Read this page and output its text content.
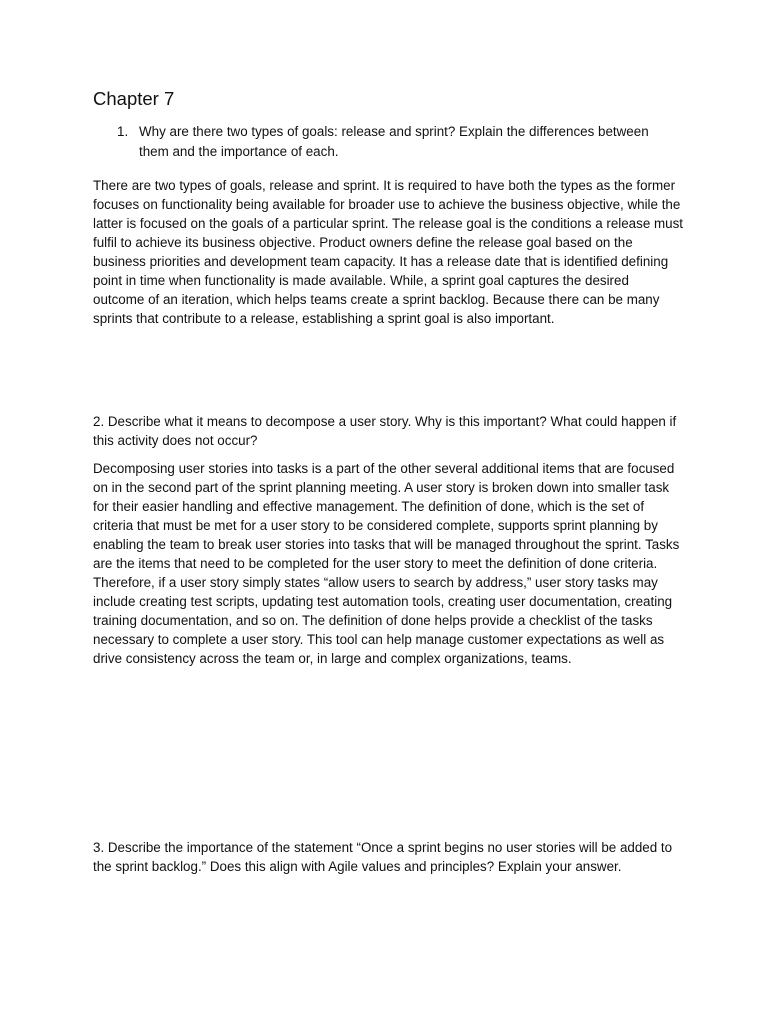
Chapter 7
1. Why are there two types of goals: release and sprint? Explain the differences between them and the importance of each.

There are two types of goals, release and sprint. It is required to have both the types as the former focuses on functionality being available for broader use to achieve the business objective, while the latter is focused on the goals of a particular sprint. The release goal is the conditions a release must fulfil to achieve its business objective. Product owners define the release goal based on the business priorities and development team capacity. It has a release date that is identified defining point in time when functionality is made available. While, a sprint goal captures the desired outcome of an iteration, which helps teams create a sprint backlog. Because there can be many sprints that contribute to a release, establishing a sprint goal is also important.

2. Describe what it means to decompose a user story. Why is this important? What could happen if this activity does not occur?

Decomposing user stories into tasks is a part of the other several additional items that are focused on in the second part of the sprint planning meeting. A user story is broken down into smaller task for their easier handling and effective management. The definition of done, which is the set of criteria that must be met for a user story to be considered complete, supports sprint planning by enabling the team to break user stories into tasks that will be managed throughout the sprint. Tasks are the items that need to be completed for the user story to meet the definition of done criteria. Therefore, if a user story simply states “allow users to search by address,” user story tasks may include creating test scripts, updating test automation tools, creating user documentation, creating training documentation, and so on. The definition of done helps provide a checklist of the tasks necessary to complete a user story. This tool can help manage customer expectations as well as drive consistency across the team or, in large and complex organizations, teams.

3. Describe the importance of the statement “Once a sprint begins no user stories will be added to the sprint backlog.” Does this align with Agile values and principles? Explain your answer.
